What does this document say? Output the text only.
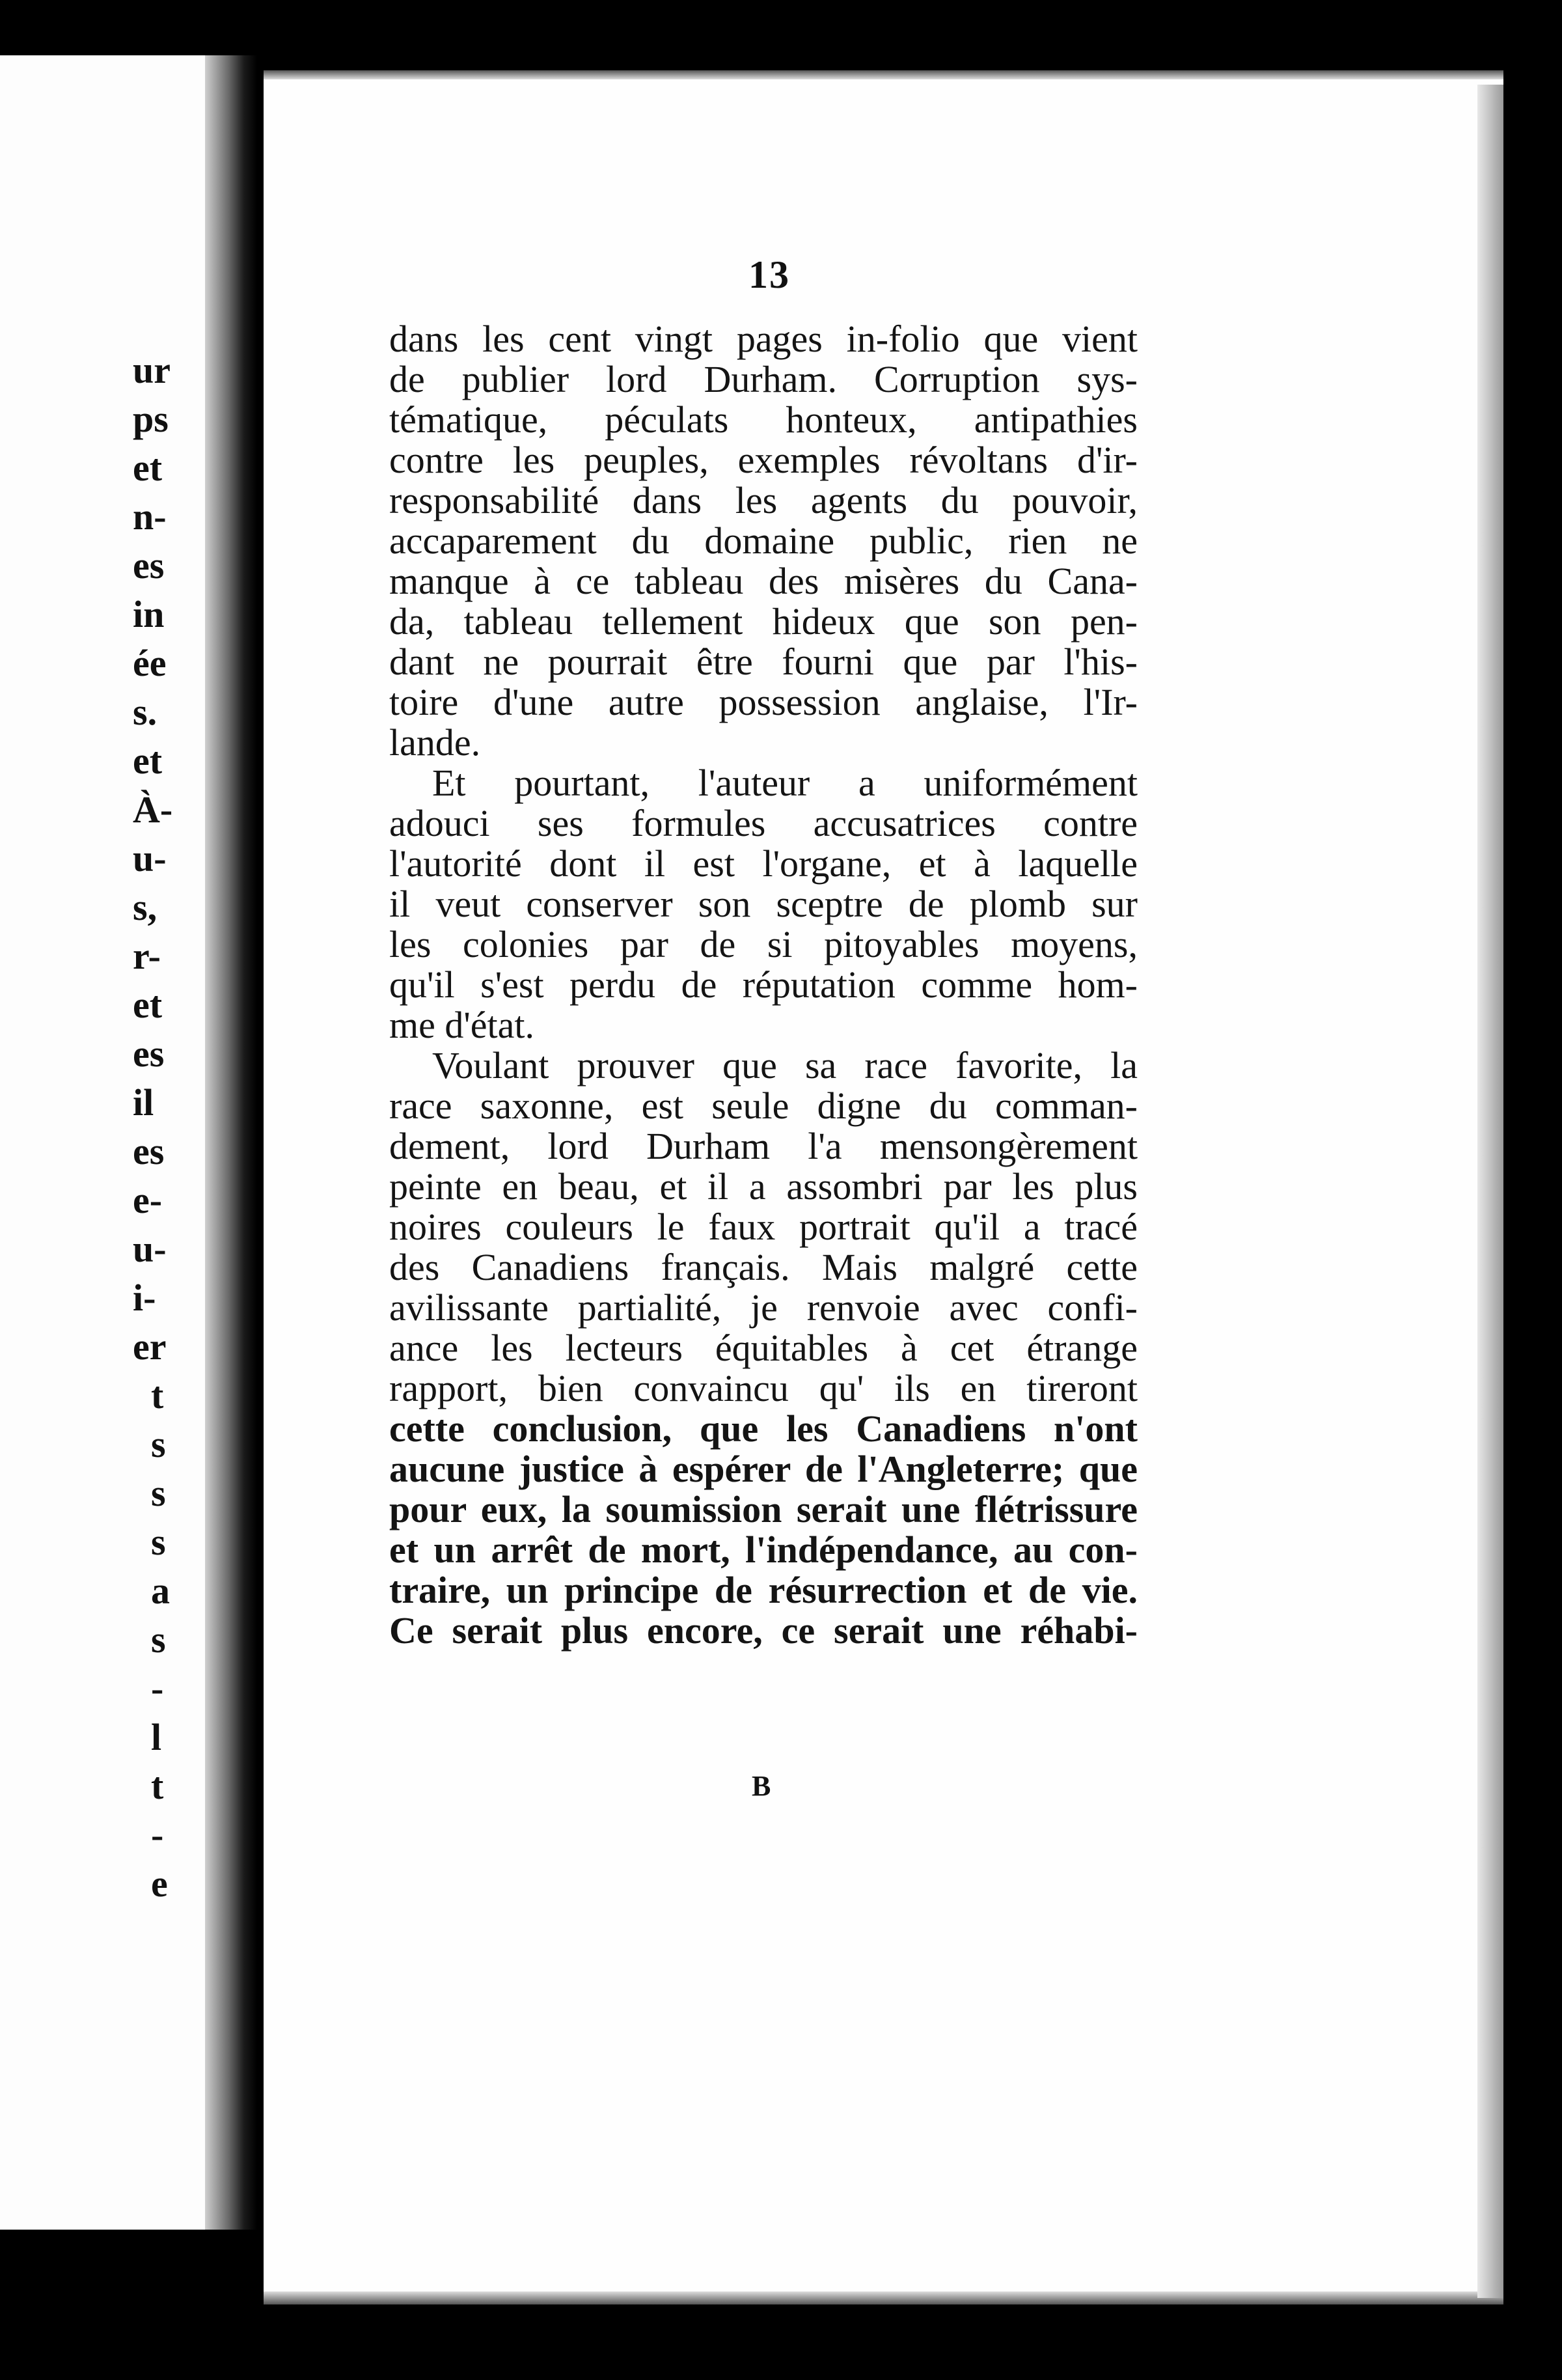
ur
ps
et
n-
es
in
ée
s.
et
À-
u-
s,
r-
et
es
il
es
e-
u-
i-
er
t
s
s
s
a
s
-
l
t
-
e
13
dans les cent vingt pages in-folio que vient
de publier lord Durham. Corruption sys-
tématique, péculats honteux, antipathies
contre les peuples, exemples révoltans d'ir-
responsabilité dans les agents du pouvoir,
accaparement du domaine public, rien ne
manque à ce tableau des misères du Cana-
da, tableau tellement hideux que son pen-
dant ne pourrait être fourni que par l'his-
toire d'une autre possession anglaise, l'Ir-
lande.
Et pourtant, l'auteur a uniformément
adouci ses formules accusatrices contre
l'autorité dont il est l'organe, et à laquelle
il veut conserver son sceptre de plomb sur
les colonies par de si pitoyables moyens,
qu'il s'est perdu de réputation comme hom-
me d'état.
Voulant prouver que sa race favorite, la
race saxonne, est seule digne du comman-
dement, lord Durham l'a mensongèrement
peinte en beau, et il a assombri par les plus
noires couleurs le faux portrait qu'il a tracé
des Canadiens français. Mais malgré cette
avilissante partialité, je renvoie avec confi-
ance les lecteurs équitables à cet étrange
rapport, bien convaincu qu' ils en tireront
cette conclusion, que les Canadiens n'ont
aucune justice à espérer de l'Angleterre; que
pour eux, la soumission serait une flétrissure
et un arrêt de mort, l'indépendance, au con-
traire, un principe de résurrection et de vie.
Ce serait plus encore, ce serait une réhabi-
B
